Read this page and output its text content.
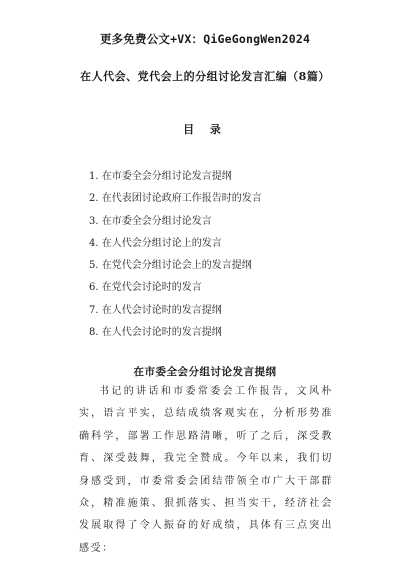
更多免费公文+VX：QiGeGongWen2024
在人代会、党代会上的分组讨论发言汇编（8篇）
目 录
1. 在市委全会分组讨论发言提纲
2. 在代表团讨论政府工作报告时的发言
3. 在市委全会分组讨论发言
4. 在人代会分组讨论上的发言
5. 在党代会分组讨论会上的发言提纲
6. 在党代会讨论时的发言
7. 在人代会讨论时的发言提纲
8. 在人代会讨论时的发言提纲
在市委全会分组讨论发言提纲

书记的讲话和市委常委会工作报告，文风朴实，语言平实，总结成绩客观实在，分析形势准确科学，部署工作思路清晰，听了之后，深受教育、深受鼓舞，我完全赞成。今年以来，我们切身感受到，市委常委会团结带领全市广大干部群众，精准施策、狠抓落实、担当实干，经济社会发展取得了令人振奋的好成绩，具体有三点突出感受：
